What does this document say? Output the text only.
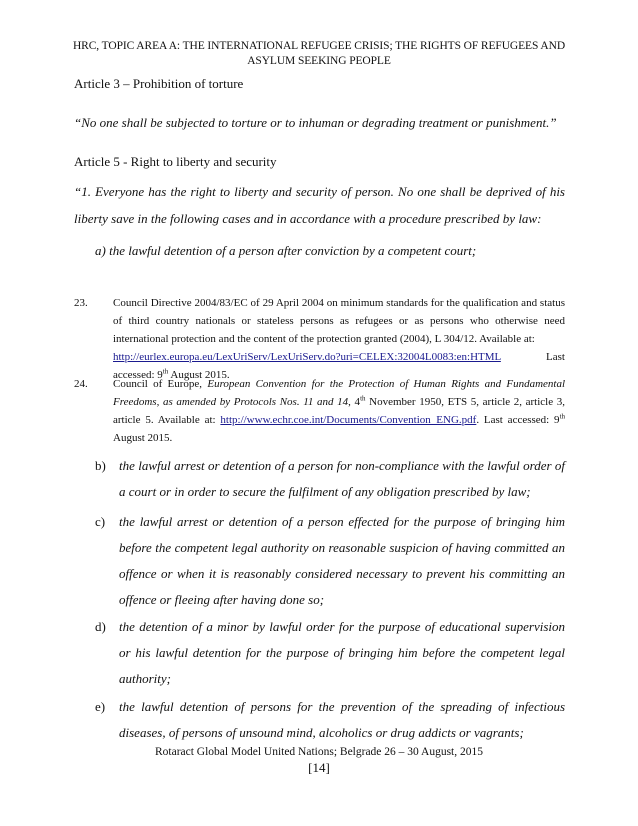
HRC, TOPIC AREA A: THE INTERNATIONAL REFUGEE CRISIS; THE RIGHTS OF REFUGEES AND
ASYLUM SEEKING PEOPLE
Article 3 – Prohibition of torture
“No one shall be subjected to torture or to inhuman or degrading treatment or punishment.”
Article 5 - Right to liberty and security
“1. Everyone has the right to liberty and security of person. No one shall be deprived of his liberty save in the following cases and in accordance with a procedure prescribed by law:
a) the lawful detention of a person after conviction by a competent court;
23. Council Directive 2004/83/EC of 29 April 2004 on minimum standards for the qualification and status of third country nationals or stateless persons as refugees or as persons who otherwise need international protection and the content of the protection granted (2004), L 304/12. Available at:
http://eurlex.europa.eu/LexUriServ/LexUriServ.do?uri=CELEX:32004L0083:en:HTML	Last accessed: 9th August 2015.
24. Council of Europe, European Convention for the Protection of Human Rights and Fundamental Freedoms, as amended by Protocols Nos. 11 and 14, 4th November 1950, ETS 5, article 2, article 3, article 5. Available at: http://www.echr.coe.int/Documents/Convention_ENG.pdf. Last accessed: 9th August 2015.
b) the lawful arrest or detention of a person for non-compliance with the lawful order of a court or in order to secure the fulfilment of any obligation prescribed by law;
c) the lawful arrest or detention of a person effected for the purpose of bringing him before the competent legal authority on reasonable suspicion of having committed an offence or when it is reasonably considered necessary to prevent his committing an offence or fleeing after having done so;
d) the detention of a minor by lawful order for the purpose of educational supervision or his lawful detention for the purpose of bringing him before the competent legal authority;
e) the lawful detention of persons for the prevention of the spreading of infectious diseases, of persons of unsound mind, alcoholics or drug addicts or vagrants;
Rotaract Global Model United Nations; Belgrade 26 – 30 August, 2015
[14]
